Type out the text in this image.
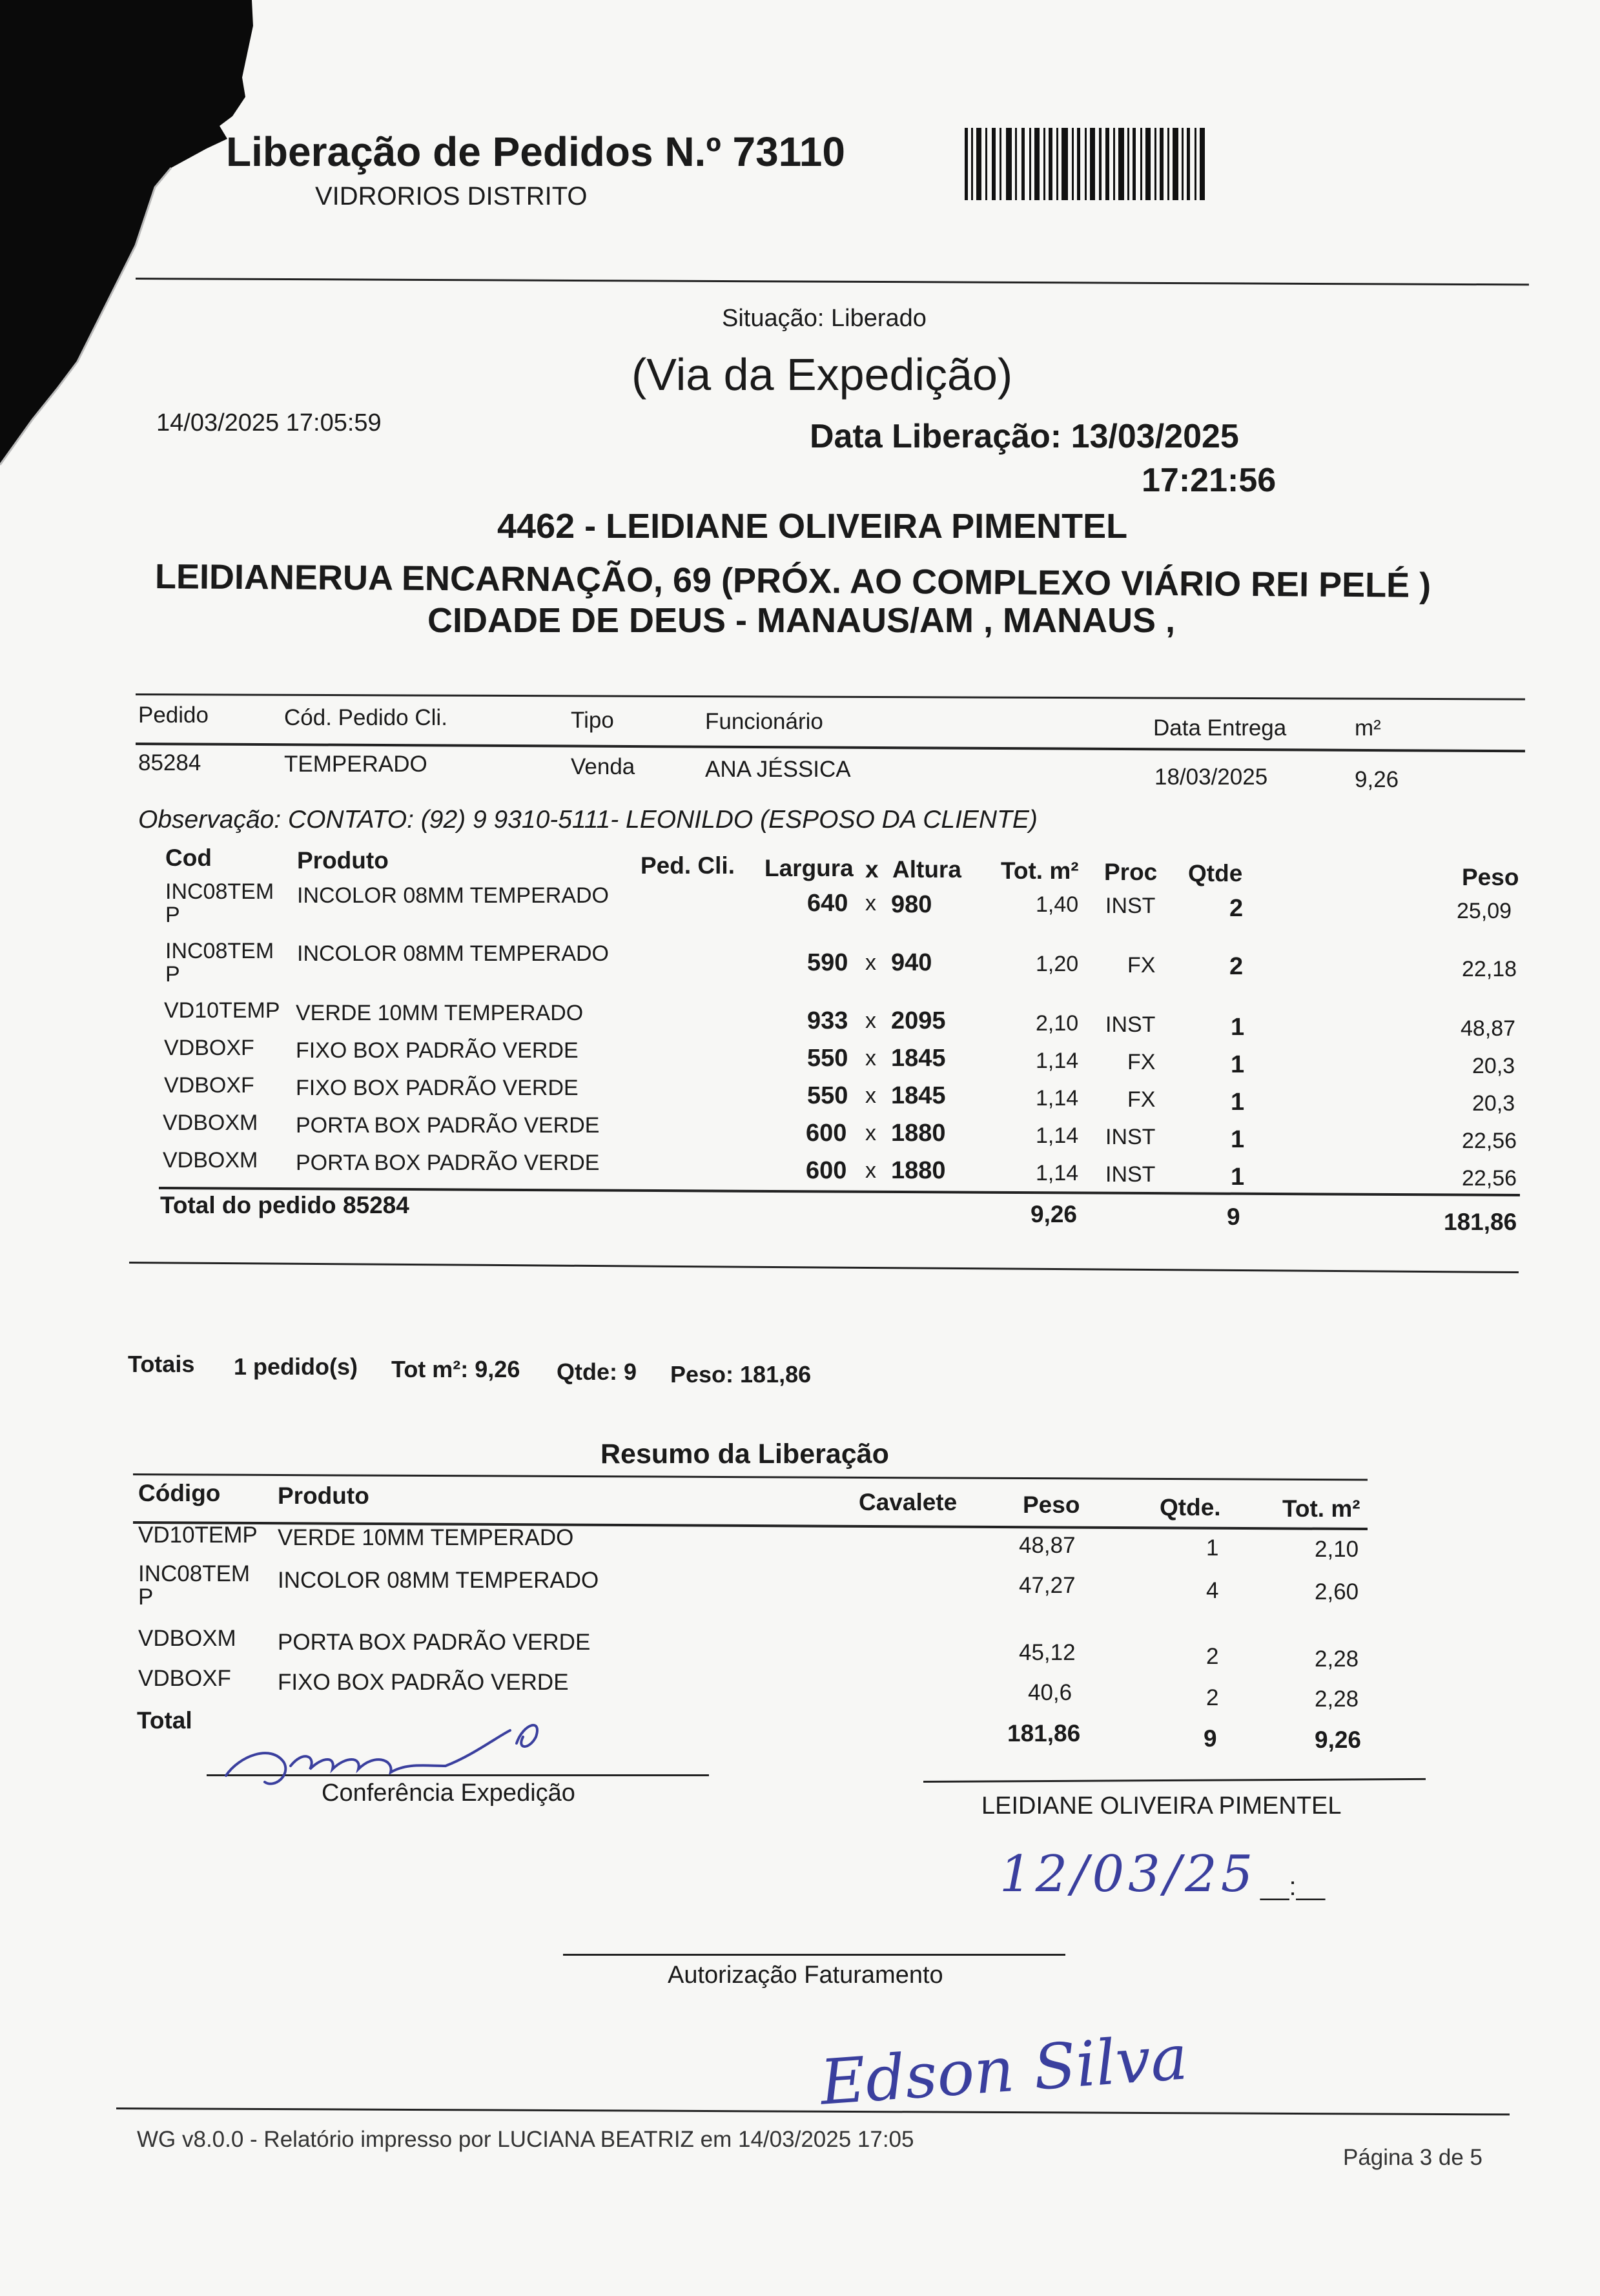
Liberação de Pedidos N.º 73110
VIDRORIOS DISTRITO
Situação: Liberado
(Via da Expedição)
14/03/2025 17:05:59	Data Liberação: 13/03/2025
17:21:56
4462 - LEIDIANE OLIVEIRA PIMENTEL
LEIDIANERUA ENCARNAÇÃO, 69 (PRÓX. AO COMPLEXO VIÁRIO REI PELÉ )
CIDADE DE DEUS - MANAUS/AM , MANAUS ,
Pedido	Cód. Pedido Cli.	Tipo	Funcionário	Data Entrega	m²
85284	TEMPERADO	Venda	ANA JÉSSICA	18/03/2025	9,26
Observação: CONTATO: (92) 9 9310-5111- LEONILDO (ESPOSO DA CLIENTE)
Cod	Produto	Ped. Cli. Largura x Altura Tot. m² Proc Qtde	Peso
INC08TEM
P
INCOLOR 08MM TEMPERADO	640 x 980	1,40 INST	2	25,09
INC08TEM
P
INCOLOR 08MM TEMPERADO	590 x 940	1,20 FX	2	22,18
VD10TEMP VERDE 10MM TEMPERADO	933 x 2095	2,10 INST	1	48,87
VDBOXF FIXO BOX PADRÃO VERDE	550 x 1845	1,14 FX	1	20,3
VDBOXF FIXO BOX PADRÃO VERDE	550 x 1845	1,14 FX	1	20,3
VDBOXM PORTA BOX PADRÃO VERDE	600 x 1880	1,14 INST	1	22,56
VDBOXM PORTA BOX PADRÃO VERDE	600 x 1880	1,14 INST	1	22,56
Total do pedido 85284	9,26	9	181,86
Totais 1 pedido(s) Tot m²: 9,26 Qtde: 9 Peso: 181,86
Resumo da Liberação
Código Produto	Cavalete	Peso	Qtde.	Tot. m²
VD10TEMP VERDE 10MM TEMPERADO	48,87	1	2,10
INC08TEM
P
INCOLOR 08MM TEMPERADO	47,27	4	2,60
VDBOXM PORTA BOX PADRÃO VERDE	45,12	2	2,28
VDBOXF FIXO BOX PADRÃO VERDE	40,6	2	2,28
Total	181,86	9	9,26
Conferência Expedição	LEIDIANE OLIVEIRA PIMENTEL
12/03/25 __:__
Autorização Faturamento
Edson Silva
WG v8.0.0 - Relatório impresso por LUCIANA BEATRIZ em 14/03/2025 17:05
Página 3 de 5
